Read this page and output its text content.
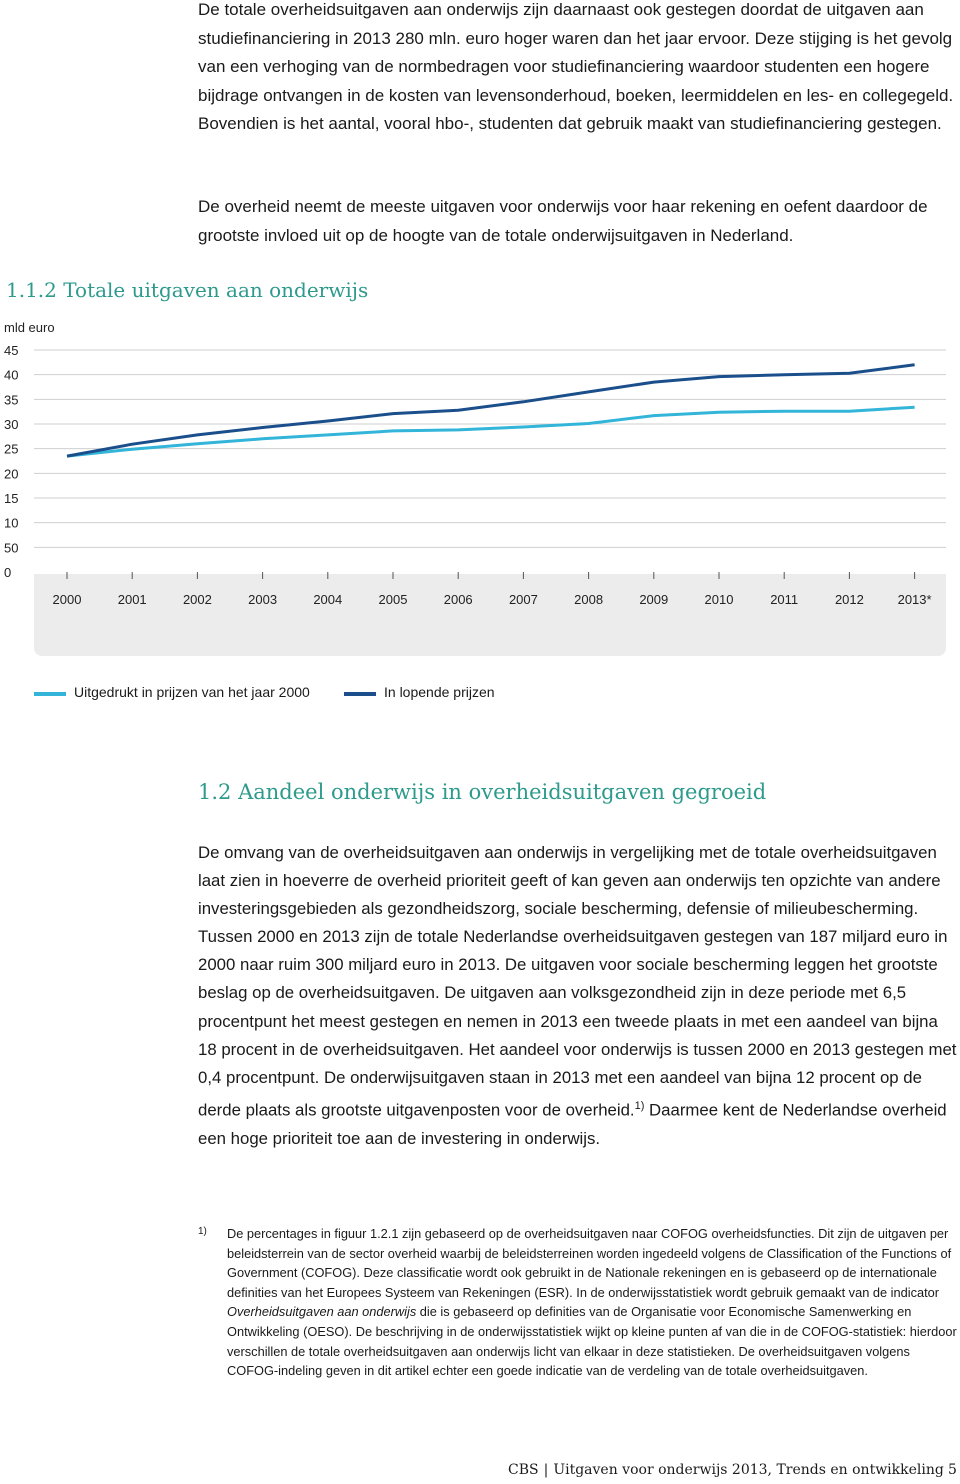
De totale overheidsuitgaven aan onderwijs zijn daarnaast ook gestegen doordat de uitgaven aan studiefinanciering in 2013 280 mln. euro hoger waren dan het jaar ervoor. Deze stijging is het gevolg van een verhoging van de normbedragen voor studiefinanciering waardoor studenten een hogere bijdrage ontvangen in de kosten van levensonderhoud, boeken, leermiddelen en les- en collegegeld. Bovendien is het aantal, vooral hbo-, studenten dat gebruik maakt van studiefinanciering gestegen.

De overheid neemt de meeste uitgaven voor onderwijs voor haar rekening en oefent daardoor de grootste invloed uit op de hoogte van de totale onderwijsuitgaven in Nederland.

1.1.2 Totale uitgaven aan onderwijs
mld euro
0
50
10
15
20
25
30
35
40
45
2000	2001	2002	2003	2004	2005	2006	2007	2008	2009	2010	2011	2012	2013*
Uitgedrukt in prijzen van het jaar 2000	In lopende prijzen
1.2 Aandeel onderwijs in overheidsuitgaven gegroeid

De omvang van de overheidsuitgaven aan onderwijs in vergelijking met de totale overheidsuitgaven laat zien in hoeverre de overheid prioriteit geeft of kan geven aan onderwijs ten opzichte van andere investeringsgebieden als gezondheidszorg, sociale bescherming, defensie of milieubescherming. Tussen 2000 en 2013 zijn de totale Nederlandse overheidsuitgaven gestegen van 187 miljard euro in 2000 naar ruim 300 miljard euro in 2013. De uitgaven voor sociale bescherming leggen het grootste beslag op de overheidsuitgaven. De uitgaven aan volksgezondheid zijn in deze periode met 6,5 procentpunt het meest gestegen en nemen in 2013 een tweede plaats in met een aandeel van bijna 18 procent in de overheidsuitgaven. Het aandeel voor onderwijs is tussen 2000 en 2013 gestegen met 0,4 procentpunt. De onderwijsuitgaven staan in 2013 met een aandeel van bijna 12 procent op de derde plaats als grootste uitgavenposten voor de overheid.$^{1)}$ Daarmee kent de Nederlandse overheid een hoge prioriteit toe aan de investering in onderwijs.

1) De percentages in figuur 1.2.1 zijn gebaseerd op de overheidsuitgaven naar COFOG overheidsfuncties. Dit zijn de uitgaven per beleidsterrein van de sector overheid waarbij de beleidsterreinen worden ingedeeld volgens de Classification of the Functions of Government (COFOG). Deze classificatie wordt ook gebruikt in de Nationale rekeningen en is gebaseerd op de internationale definities van het Europees Systeem van Rekeningen (ESR). In de onderwijsstatistiek wordt gebruik gemaakt van de indicator Overheidsuitgaven aan onderwijs die is gebaseerd op definities van de Organisatie voor Economische Samenwerking en Ontwikkeling (OESO). De beschrijving in de onderwijsstatistiek wijkt op kleine punten af van die in de COFOG-statistiek: hierdoor verschillen de totale overheidsuitgaven aan onderwijs licht van elkaar in deze statistieken. De overheidsuitgaven volgens COFOG-indeling geven in dit artikel echter een goede indicatie van de verdeling van de totale overheidsuitgaven.

CBS | Uitgaven voor onderwijs 2013, Trends en ontwikkeling 5
